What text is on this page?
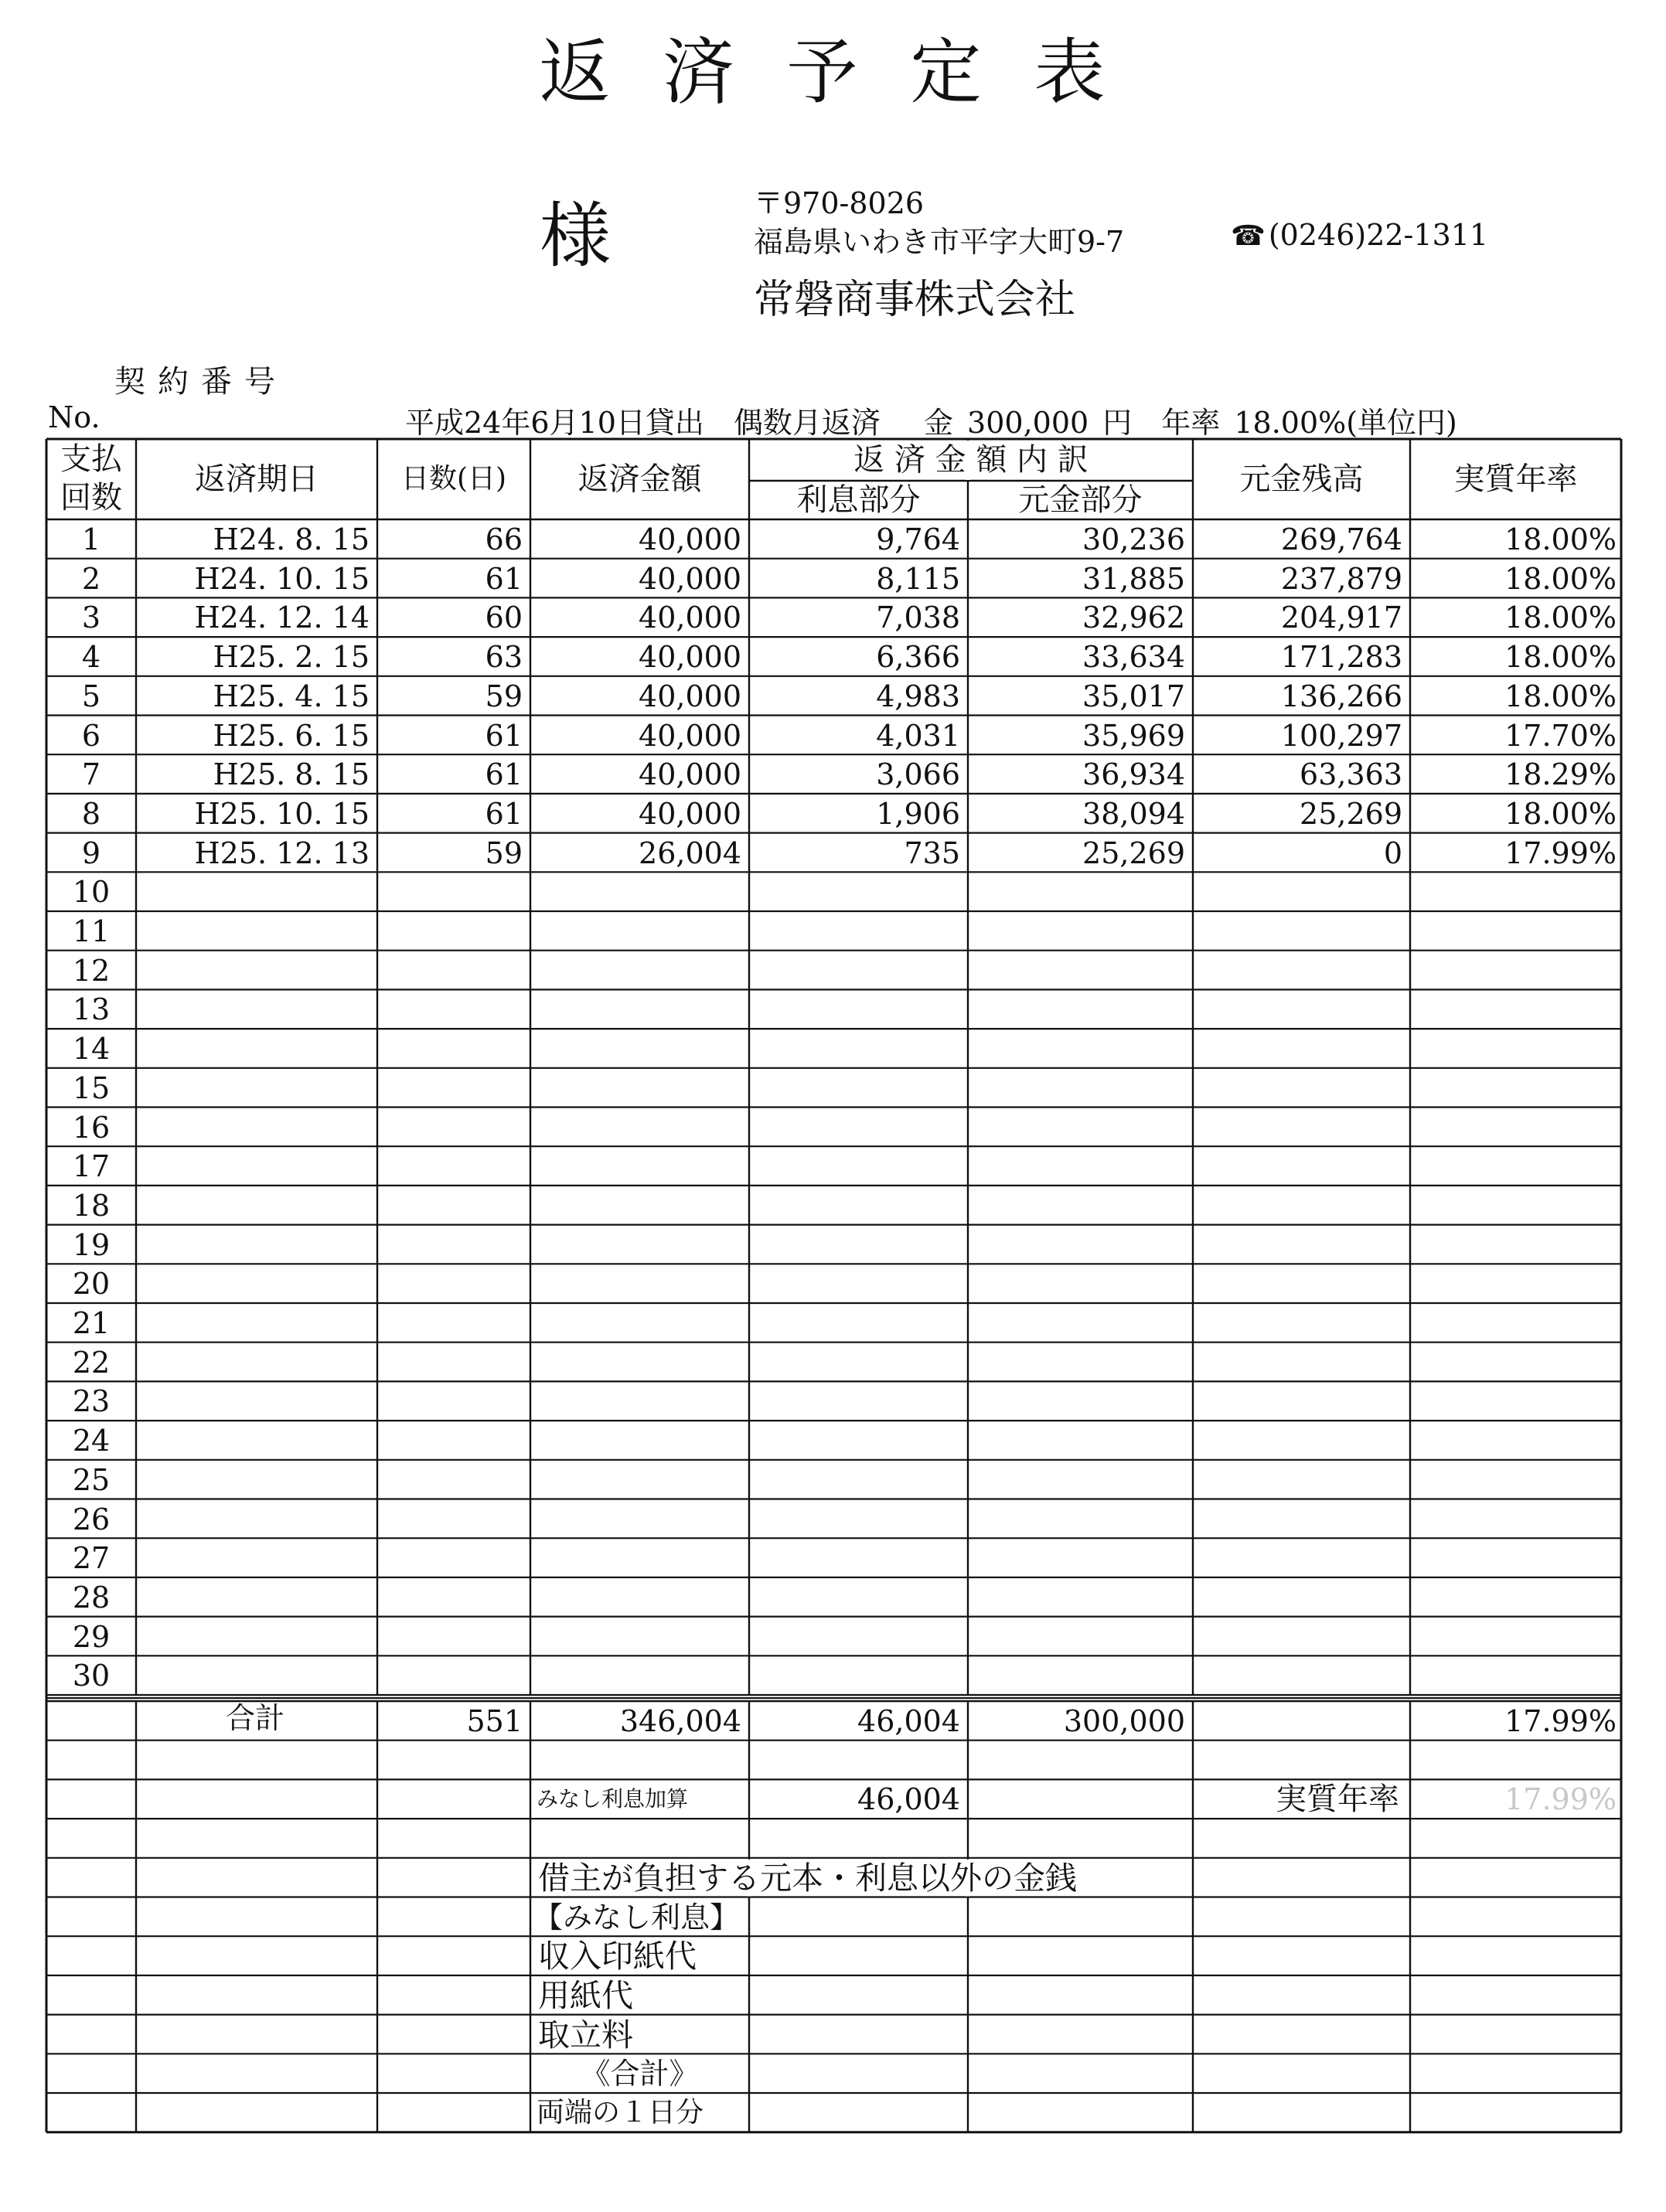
返済予定表
様	〒970-8026
福島県いわき市平字大町9-7	☎ (0246)22-1311
常磐商事株式会社
契約番号
No.	平成24年6月10日貸出　偶数月返済　 金 300,000 円　年率 18.00%(単位円)
支払
回数
返済期日	日数(日)	返済金額
返 済 金 額 内 訳
利息部分	元金部分
元金残高	実質年率
1	H24. 8. 15	66	40,000	9,764	30,236	269,764	18.00%
2	H24. 10. 15	61	40,000	8,115	31,885	237,879	18.00%
3	H24. 12. 14	60	40,000	7,038	32,962	204,917	18.00%
4	H25. 2. 15	63	40,000	6,366	33,634	171,283	18.00%
5	H25. 4. 15	59	40,000	4,983	35,017	136,266	18.00%
6	H25. 6. 15	61	40,000	4,031	35,969	100,297	17.70%
7	H25. 8. 15	61	40,000	3,066	36,934	63,363	18.29%
8	H25. 10. 15	61	40,000	1,906	38,094	25,269	18.00%
9	H25. 12. 13	59	26,004	735	25,269	0	17.99%
10
11
12
13
14
15
16
17
18
19
20
21
22
23
24
25
26
27
28
29
30
合計	551	346,004	46,004	300,000	17.99%
みなし利息加算	46,004	実質年率	17.99%
借主が負担する元本・利息以外の金銭
【みなし利息】
収入印紙代
用紙代
取立料
《合計》
両端の１日分
